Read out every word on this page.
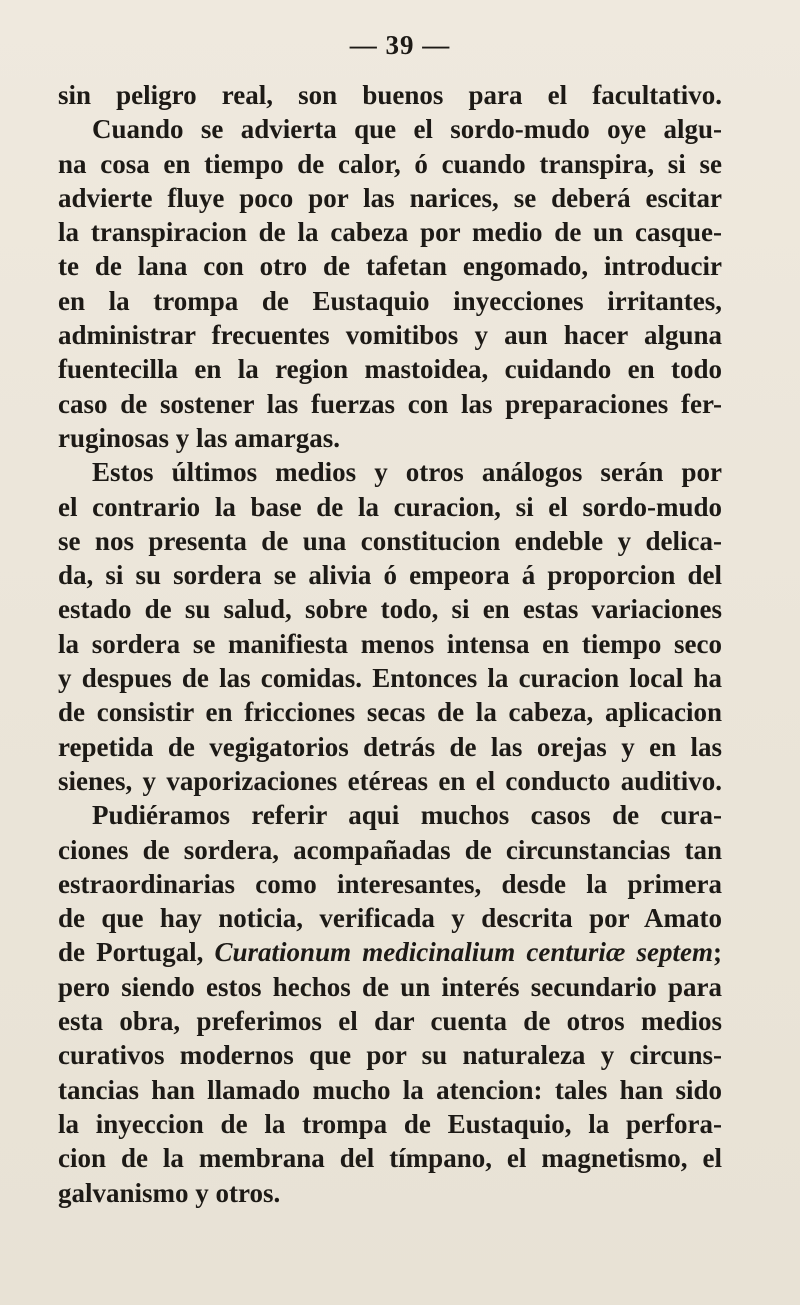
— 39 —
sin peligro real, son buenos para el facultativo.
Cuando se advierta que el sordo-mudo oye algu-
na cosa en tiempo de calor, ó cuando transpira, si se
advierte fluye poco por las narices, se deberá escitar
la transpiracion de la cabeza por medio de un casque-
te de lana con otro de tafetan engomado, introducir
en la trompa de Eustaquio inyecciones irritantes,
administrar frecuentes vomitibos y aun hacer alguna
fuentecilla en la region mastoidea, cuidando en todo
caso de sostener las fuerzas con las preparaciones fer-
ruginosas y las amargas.
Estos últimos medios y otros análogos serán por
el contrario la base de la curacion, si el sordo-mudo
se nos presenta de una constitucion endeble y delica-
da, si su sordera se alivia ó empeora á proporcion del
estado de su salud, sobre todo, si en estas variaciones
la sordera se manifiesta menos intensa en tiempo seco
y despues de las comidas. Entonces la curacion local ha
de consistir en fricciones secas de la cabeza, aplicacion
repetida de vegigatorios detrás de las orejas y en las
sienes, y vaporizaciones etéreas en el conducto auditivo.
Pudiéramos referir aqui muchos casos de cura-
ciones de sordera, acompañadas de circunstancias tan
estraordinarias como interesantes, desde la primera
de que hay noticia, verificada y descrita por Amato
de Portugal, Curationum medicinalium centuriæ septem;
pero siendo estos hechos de un interés secundario para
esta obra, preferimos el dar cuenta de otros medios
curativos modernos que por su naturaleza y circuns-
tancias han llamado mucho la atencion: tales han sido
la inyeccion de la trompa de Eustaquio, la perfora-
cion de la membrana del tímpano, el magnetismo, el
galvanismo y otros.
